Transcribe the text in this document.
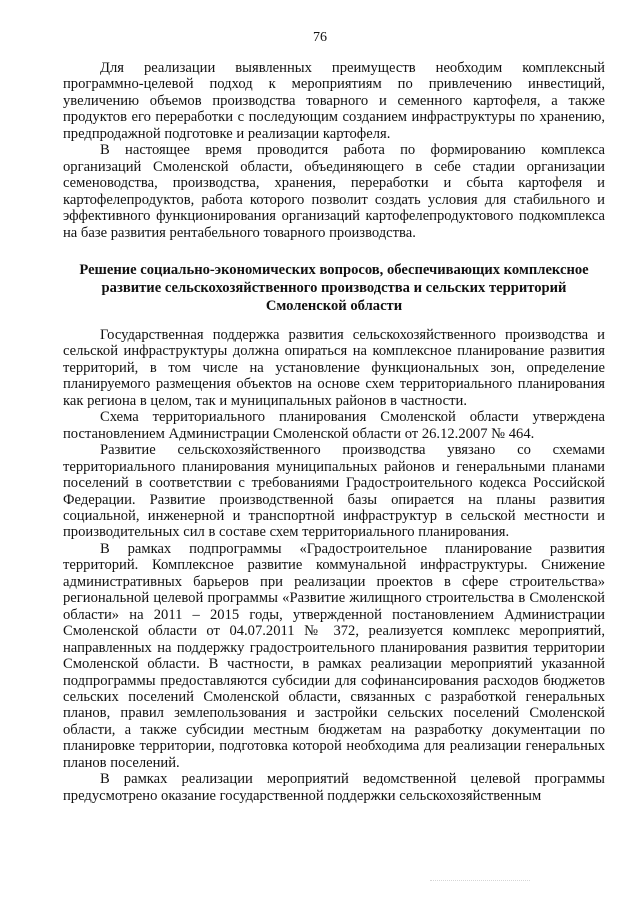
76

Для реализации выявленных преимуществ необходим комплексный программно-целевой подход к мероприятиям по привлечению инвестиций, увеличению объемов производства товарного и семенного картофеля, а также продуктов его переработки с последующим созданием инфраструктуры по хранению, предпродажной подготовке и реализации картофеля.

В настоящее время проводится работа по формированию комплекса организаций Смоленской области, объединяющего в себе стадии организации семеноводства, производства, хранения, переработки и сбыта картофеля и картофелепродуктов, работа которого позволит создать условия для стабильного и эффективного функционирования организаций картофелепродуктового подкомплекса на базе развития рентабельного товарного производства.

Решение социально-экономических вопросов, обеспечивающих комплексное
развитие сельскохозяйственного производства и сельских территорий
Смоленской области

Государственная поддержка развития сельскохозяйственного производства и сельской инфраструктуры должна опираться на комплексное планирование развития территорий, в том числе на установление функциональных зон, определение планируемого размещения объектов на основе схем территориального планирования как региона в целом, так и муниципальных районов в частности.

Схема территориального планирования Смоленской области утверждена постановлением Администрации Смоленской области от 26.12.2007 № 464.

Развитие сельскохозяйственного производства увязано со схемами территориального планирования муниципальных районов и генеральными планами поселений в соответствии с требованиями Градостроительного кодекса Российской Федерации. Развитие производственной базы опирается на планы развития социальной, инженерной и транспортной инфраструктур в сельской местности и производительных сил в составе схем территориального планирования.

В рамках подпрограммы «Градостроительное планирование развития территорий. Комплексное развитие коммунальной инфраструктуры. Снижение административных барьеров при реализации проектов в сфере строительства» региональной целевой программы «Развитие жилищного строительства в Смоленской области» на 2011 – 2015 годы, утвержденной постановлением Администрации Смоленской области от 04.07.2011 № 372, реализуется комплекс мероприятий, направленных на поддержку градостроительного планирования развития территории Смоленской области. В частности, в рамках реализации мероприятий указанной подпрограммы предоставляются субсидии для софинансирования расходов бюджетов сельских поселений Смоленской области, связанных с разработкой генеральных планов, правил землепользования и застройки сельских поселений Смоленской области, а также субсидии местным бюджетам на разработку документации по планировке территории, подготовка которой необходима для реализации генеральных планов поселений.

В рамках реализации мероприятий ведомственной целевой программы предусмотрено оказание государственной поддержки сельскохозяйственным
